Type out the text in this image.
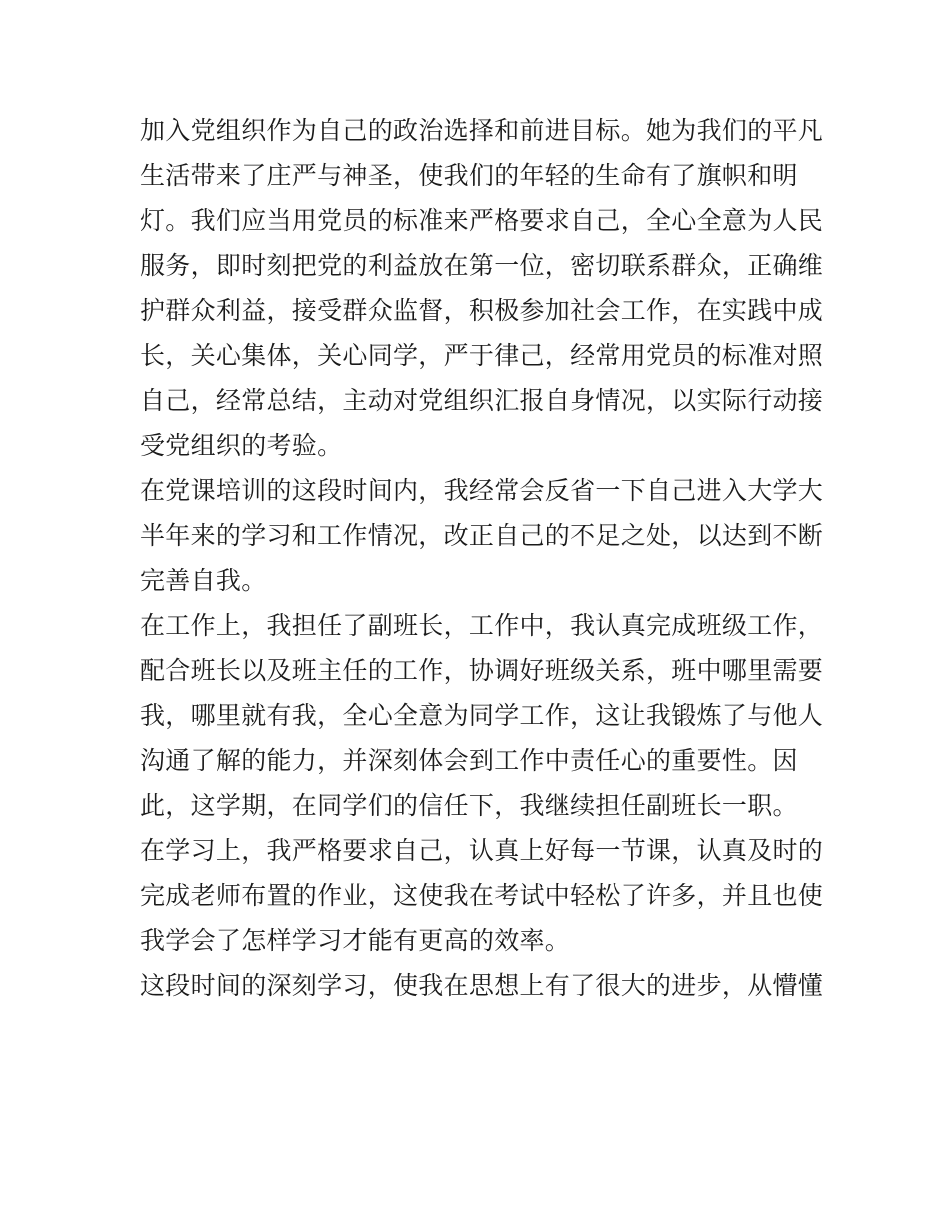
加入党组织作为自己的政治选择和前进目标。她为我们的平凡
生活带来了庄严与神圣，使我们的年轻的生命有了旗帜和明
灯。我们应当用党员的标准来严格要求自己，全心全意为人民
服务，即时刻把党的利益放在第一位，密切联系群众，正确维
护群众利益，接受群众监督，积极参加社会工作，在实践中成
长，关心集体，关心同学，严于律己，经常用党员的标准对照
自己，经常总结，主动对党组织汇报自身情况，以实际行动接
受党组织的考验。
在党课培训的这段时间内，我经常会反省一下自己进入大学大
半年来的学习和工作情况，改正自己的不足之处，以达到不断
完善自我。
在工作上，我担任了副班长，工作中，我认真完成班级工作，
配合班长以及班主任的工作，协调好班级关系，班中哪里需要
我，哪里就有我，全心全意为同学工作，这让我锻炼了与他人
沟通了解的能力，并深刻体会到工作中责任心的重要性。因
此，这学期，在同学们的信任下，我继续担任副班长一职。
在学习上，我严格要求自己，认真上好每一节课，认真及时的
完成老师布置的作业，这使我在考试中轻松了许多，并且也使
我学会了怎样学习才能有更高的效率。
这段时间的深刻学习，使我在思想上有了很大的进步，从懵懂
